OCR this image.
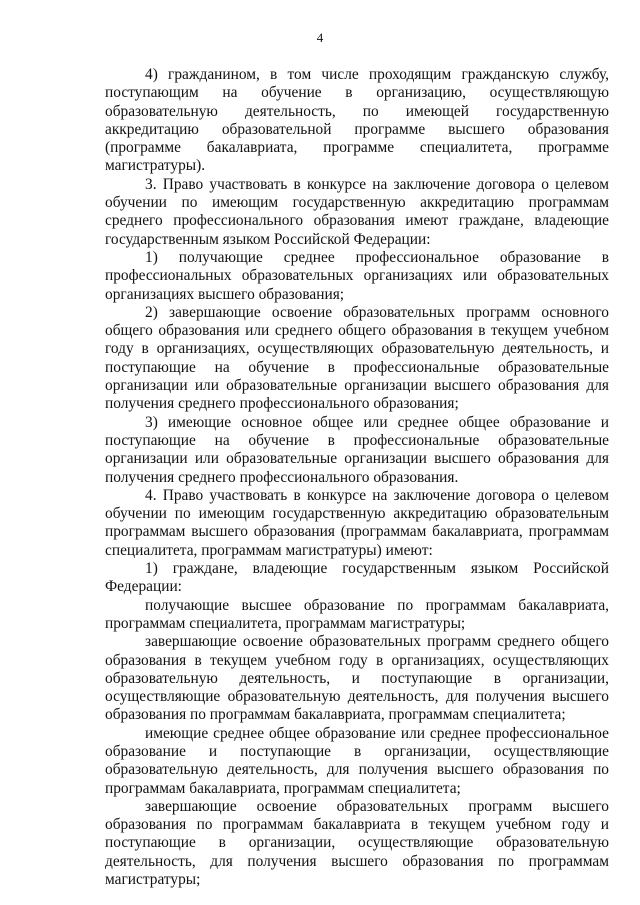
4

4) гражданином, в том числе проходящим гражданскую службу, поступающим на обучение в организацию, осуществляющую образовательную деятельность, по имеющей государственную аккредитацию образовательной программе высшего образования (программе бакалавриата, программе специалитета, программе магистратуры).

3. Право участвовать в конкурсе на заключение договора о целевом обучении по имеющим государственную аккредитацию программам среднего профессионального образования имеют граждане, владеющие государственным языком Российской Федерации:

1) получающие среднее профессиональное образование в профессиональных образовательных организациях или образовательных организациях высшего образования;

2) завершающие освоение образовательных программ основного общего образования или среднего общего образования в текущем учебном году в организациях, осуществляющих образовательную деятельность, и поступающие на обучение в профессиональные образовательные организации или образовательные организации высшего образования для получения среднего профессионального образования;

3) имеющие основное общее или среднее общее образование и поступающие на обучение в профессиональные образовательные организации или образовательные организации высшего образования для получения среднего профессионального образования.

4. Право участвовать в конкурсе на заключение договора о целевом обучении по имеющим государственную аккредитацию образовательным программам высшего образования (программам бакалавриата, программам специалитета, программам магистратуры) имеют:

1) граждане, владеющие государственным языком Российской Федерации:

получающие высшее образование по программам бакалавриата, программам специалитета, программам магистратуры;

завершающие освоение образовательных программ среднего общего образования в текущем учебном году в организациях, осуществляющих образовательную деятельность, и поступающие в организации, осуществляющие образовательную деятельность, для получения высшего образования по программам бакалавриата, программам специалитета;

имеющие среднее общее образование или среднее профессиональное образование и поступающие в организации, осуществляющие образовательную деятельность, для получения высшего образования по программам бакалавриата, программам специалитета;

завершающие освоение образовательных программ высшего образования по программам бакалавриата в текущем учебном году и поступающие в организации, осуществляющие образовательную деятельность, для получения высшего образования по программам магистратуры;
